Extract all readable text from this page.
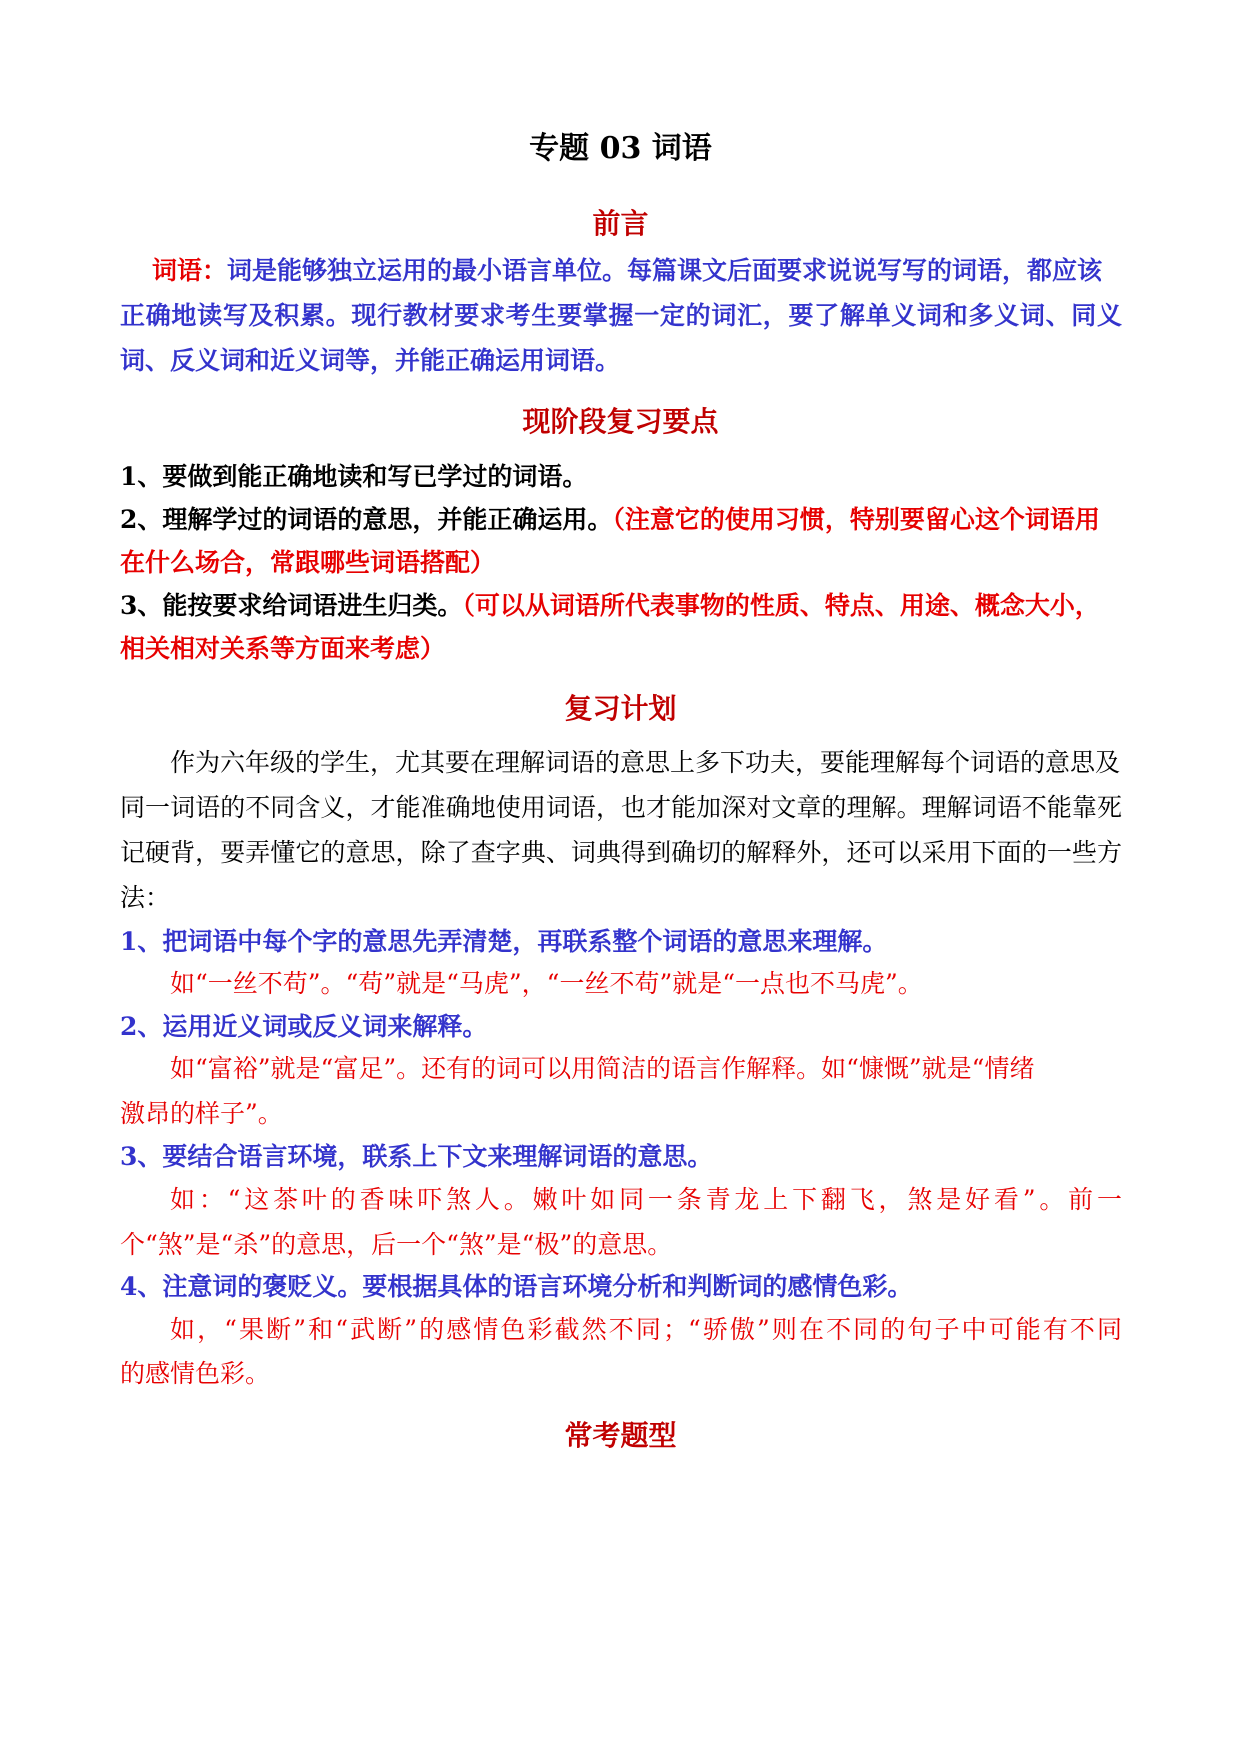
专题 03 词语
前言

词语：词是能够独立运用的最小语言单位。每篇课文后面要求说说写写的词语，都应该

正确地读写及积累。现行教材要求考生要掌握一定的词汇，要了解单义词和多义词、同义

词、反义词和近义词等，并能正确运用词语。

现阶段复习要点

1、要做到能正确地读和写已学过的词语。

2、理解学过的词语的意思，并能正确运用。（注意它的使用习惯，特别要留心这个词语用

在什么场合，常跟哪些词语搭配）

3、能按要求给词语进生归类。（可以从词语所代表事物的性质、特点、用途、概念大小，

相关相对关系等方面来考虑）

复习计划

作为六年级的学生，尤其要在理解词语的意思上多下功夫，要能理解每个词语的意思及

同一词语的不同含义，才能准确地使用词语，也才能加深对文章的理解。理解词语不能靠死

记硬背，要弄懂它的意思，除了查字典、词典得到确切的解释外，还可以采用下面的一些方

法：

1、把词语中每个字的意思先弄清楚，再联系整个词语的意思来理解。

如“一丝不苟”。“苟”就是“马虎”，“一丝不苟”就是“一点也不马虎”。

2、运用近义词或反义词来解释。

如“富裕”就是“富足”。还有的词可以用简洁的语言作解释。如“慷慨”就是“情绪

激昂的样子”。

3、要结合语言环境，联系上下文来理解词语的意思。

如：“这茶叶的香味吓煞人。嫩叶如同一条青龙上下翻飞，煞是好看”。前一

个“煞”是“杀”的意思，后一个“煞”是“极”的意思。

4、注意词的褒贬义。要根据具体的语言环境分析和判断词的感情色彩。

如，“果断”和“武断”的感情色彩截然不同；“骄傲”则在不同的句子中可能有不同

的感情色彩。

常考题型
